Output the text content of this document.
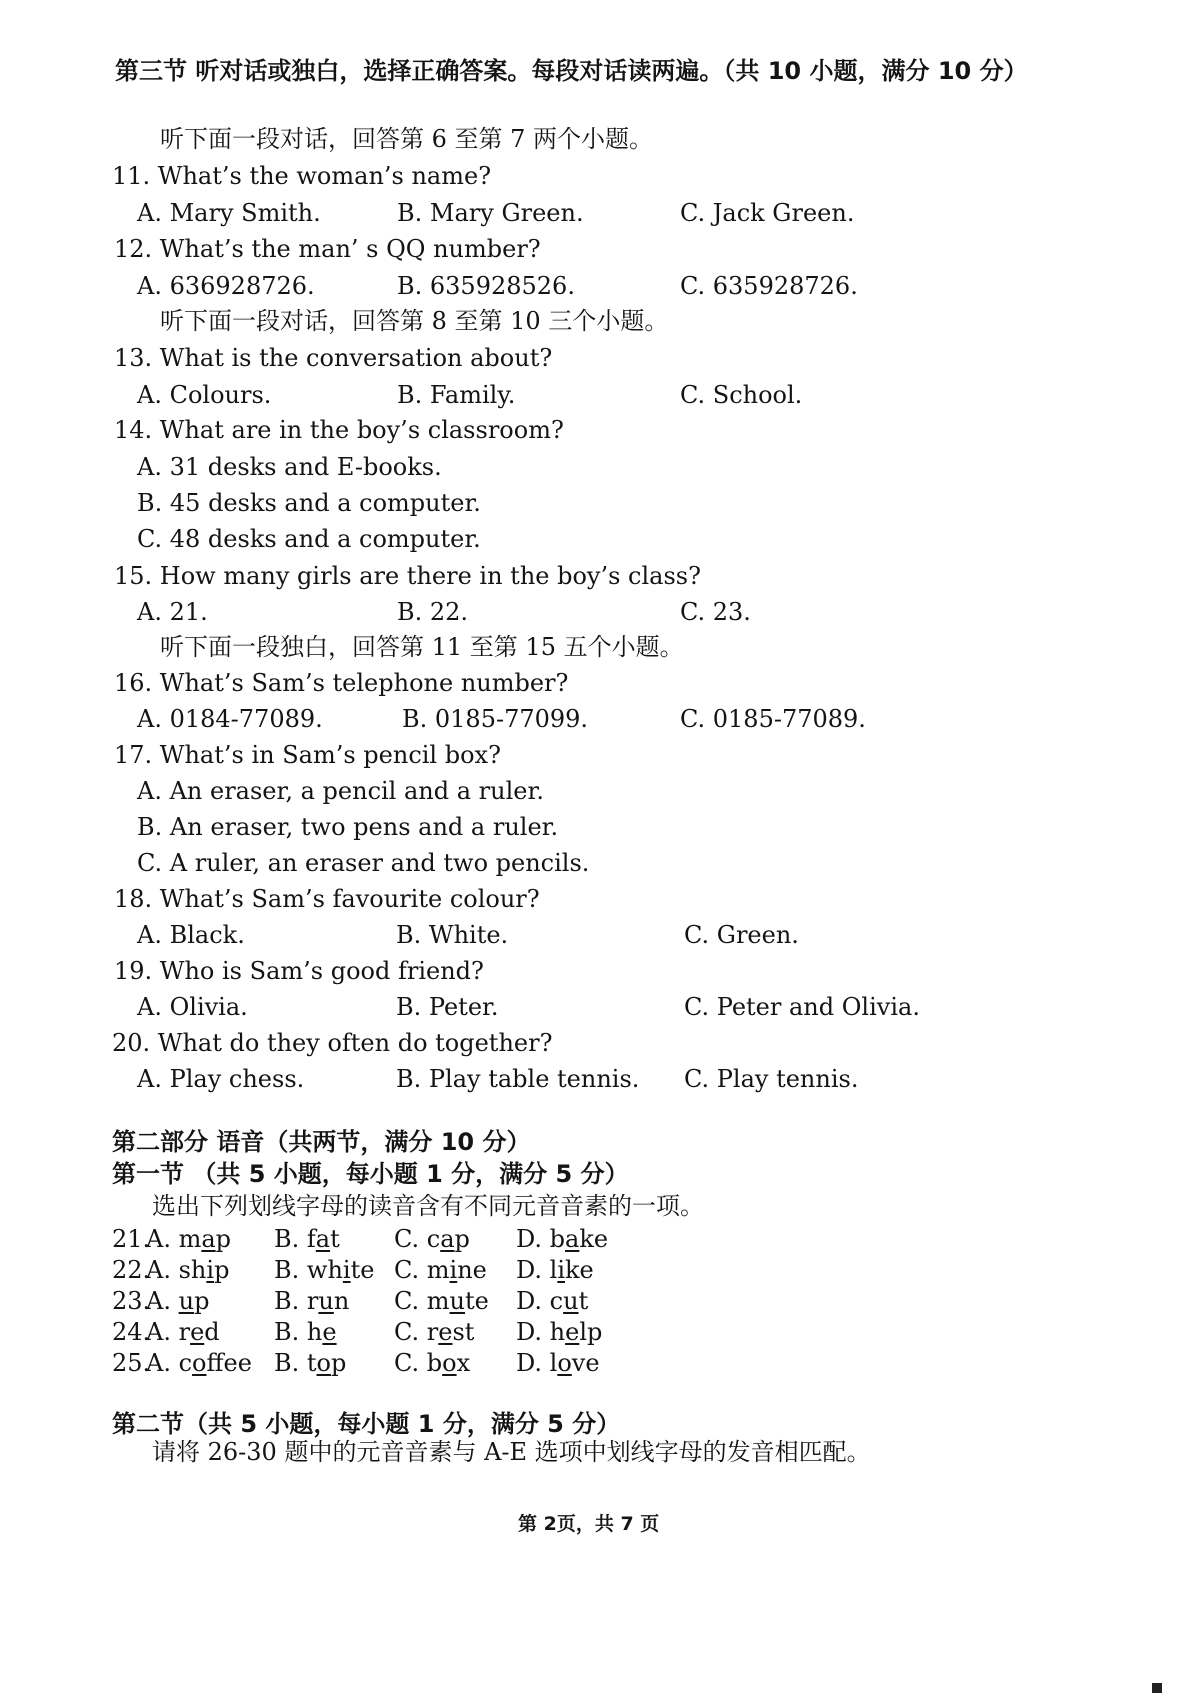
第三节 听对话或独白，选择正确答案。每段对话读两遍。（共 10 小题，满分 10 分）
听下面一段对话，回答第 6 至第 7 两个小题。
11. What’s the woman’s name?
A. Mary Smith.	B. Mary Green.	C. Jack Green.
12. What’s the man’ s QQ number?
A. 636928726.	B. 635928526.	C. 635928726.
听下面一段对话，回答第 8 至第 10 三个小题。
13. What is the conversation about?
A. Colours.	B. Family.	C. School.
14. What are in the boy’s classroom?
A. 31 desks and E-books.
B. 45 desks and a computer.
C. 48 desks and a computer.
15. How many girls are there in the boy’s class?
A. 21.	B. 22.	C. 23.
听下面一段独白，回答第 11 至第 15 五个小题。
16. What’s Sam’s telephone number?
A. 0184-77089.	B. 0185-77099.	C. 0185-77089.
17. What’s in Sam’s pencil box?
A. An eraser, a pencil and a ruler.
B. An eraser, two pens and a ruler.
C. A ruler, an eraser and two pencils.
18. What’s Sam’s favourite colour?
A. Black.	B. White.	C. Green.
19. Who is Sam’s good friend?
A. Olivia.	B. Peter.	C. Peter and Olivia.
20. What do they often do together?
A. Play chess.	B. Play table tennis. C. Play tennis.
第二部分 语音（共两节，满分 10 分）
第一节 （共 5 小题，每小题 1 分，满分 5 分）
选出下列划线字母的读音含有不同元音音素的一项。
21.
A. map B. fat C. cap D. bake
22.
A. ship B. white C. mine D. like
23.
A. up	B. run C. mute D. cut
24.
A. red B. he C. rest D. help
25.
A. coffee B. top C. box D. love
第二节（共 5 小题，每小题 1 分，满分 5 分）
请将 26-30 题中的元音音素与 A-E 选项中划线字母的发音相匹配。
第 2页，共 7 页
